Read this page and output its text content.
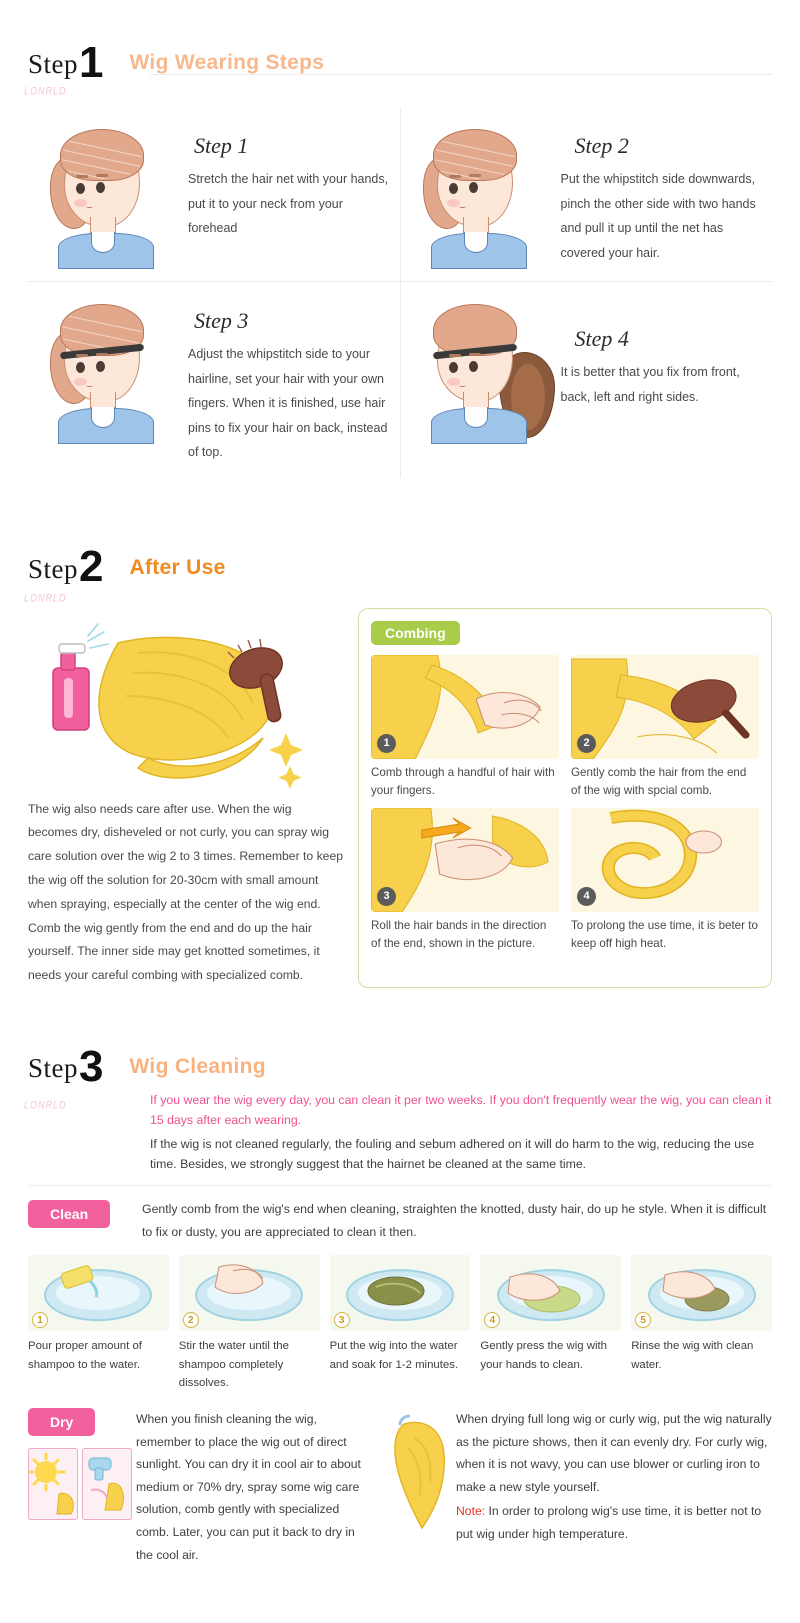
Step 1 Wig Wearing Steps
LONRLD
Step 1
Stretch the hair net with your hands, put it to your neck from your forehead
Step 2
Put the whipstitch side downwards, pinch the other side with two hands and pull it up until the net has covered your hair.
Step 3
Adjust the whipstitch side to your hairline, set your hair with your own fingers. When it is finished, use hair pins to fix your hair on back, instead of top.
Step 4
It is better that you fix from front, back, left and right sides.
Step 2 After Use
LONRLD
The wig also needs care after use. When the wig becomes dry, disheveled or not curly, you can spray wig care solution over the wig 2 to 3 times. Remember to keep the wig off the solution for 20-30cm with small amount when spraying, especially at the center of the wig end. Comb the wig gently from the end and do up the hair yourself. The inner side may get knotted sometimes, it needs your careful combing with specialized comb.
Combing
1
Comb through a handful of hair with your fingers.
2
Gently comb the hair from the end of the wig with spcial comb.
3
Roll the hair bands in the direction of the end, shown in the picture.
4
To prolong the use time, it is beter to keep off high heat.
Step 3 Wig Cleaning
LONRLD	If you wear the wig every day, you can clean it per two weeks. If you don't frequently wear the wig, you can clean it 15 days after each wearing.
If the wig is not cleaned regularly, the fouling and sebum adhered on it will do harm to the wig, reducing the use time. Besides, we strongly suggest that the hairnet be cleaned at the same time.
Clean	Gently comb from the wig's end when cleaning, straighten the knotted, dusty hair, do up he style. When it is difficult to fix or dusty, you are appreciated to clean it then.
1
Pour proper amount of shampoo to the water.
2
Stir the water until the shampoo completely dissolves.
3
Put the wig into the water and soak for 1-2 minutes.
4
Gently press the wig with your hands to clean.
5
Rinse the wig with clean water.
Dry	When you finish cleaning the wig, remember to place the wig out of direct sunlight. You can dry it in cool air to about medium or 70% dry, spray some wig care solution, comb gently with specialized comb. Later, you can put it back to dry in the cool air.
When drying full long wig or curly wig, put the wig naturally as the picture shows, then it can evenly dry. For curly wig, when it is not wavy, you can use blower or curling iron to make a new style yourself.
Note: In order to prolong wig's use time, it is better not to put wig under high temperature.
